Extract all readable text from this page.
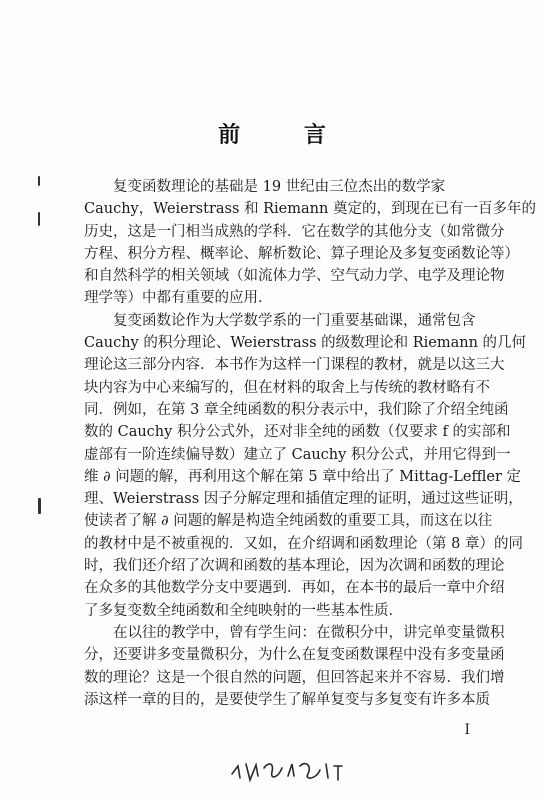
前 言
　　复变函数理论的基础是 19 世纪由三位杰出的数学家
Cauchy，Weierstrass 和 Riemann 奠定的，到现在已有一百多年的
历史，这是一门相当成熟的学科．它在数学的其他分支（如常微分
方程、积分方程、概率论、解析数论、算子理论及多复变函数论等）
和自然科学的相关领域（如流体力学、空气动力学、电学及理论物
理学等）中都有重要的应用．
　　复变函数论作为大学数学系的一门重要基础课，通常包含
Cauchy 的积分理论、Weierstrass 的级数理论和 Riemann 的几何
理论这三部分内容．本书作为这样一门课程的教材，就是以这三大
块内容为中心来编写的，但在材料的取舍上与传统的教材略有不
同．例如，在第 3 章全纯函数的积分表示中，我们除了介绍全纯函
数的 Cauchy 积分公式外，还对非全纯的函数（仅要求 f 的实部和
虚部有一阶连续偏导数）建立了 Cauchy 积分公式，并用它得到一
维 ∂ 问题的解，再利用这个解在第 5 章中给出了 Mittag-Leffler 定
理、Weierstrass 因子分解定理和插值定理的证明，通过这些证明，
使读者了解 ∂ 问题的解是构造全纯函数的重要工具，而这在以往
的教材中是不被重视的．又如，在介绍调和函数理论（第 8 章）的同
时，我们还介绍了次调和函数的基本理论，因为次调和函数的理论
在众多的其他数学分支中要遇到．再如，在本书的最后一章中介绍
了多复变数全纯函数和全纯映射的一些基本性质．
　　在以往的教学中，曾有学生问：在微积分中，讲完单变量微积
分，还要讲多变量微积分，为什么在复变函数课程中没有多变量函
数的理论？这是一个很自然的问题，但回答起来并不容易．我们增
添这样一章的目的，是要使学生了解单复变与多复变有许多本质
I
